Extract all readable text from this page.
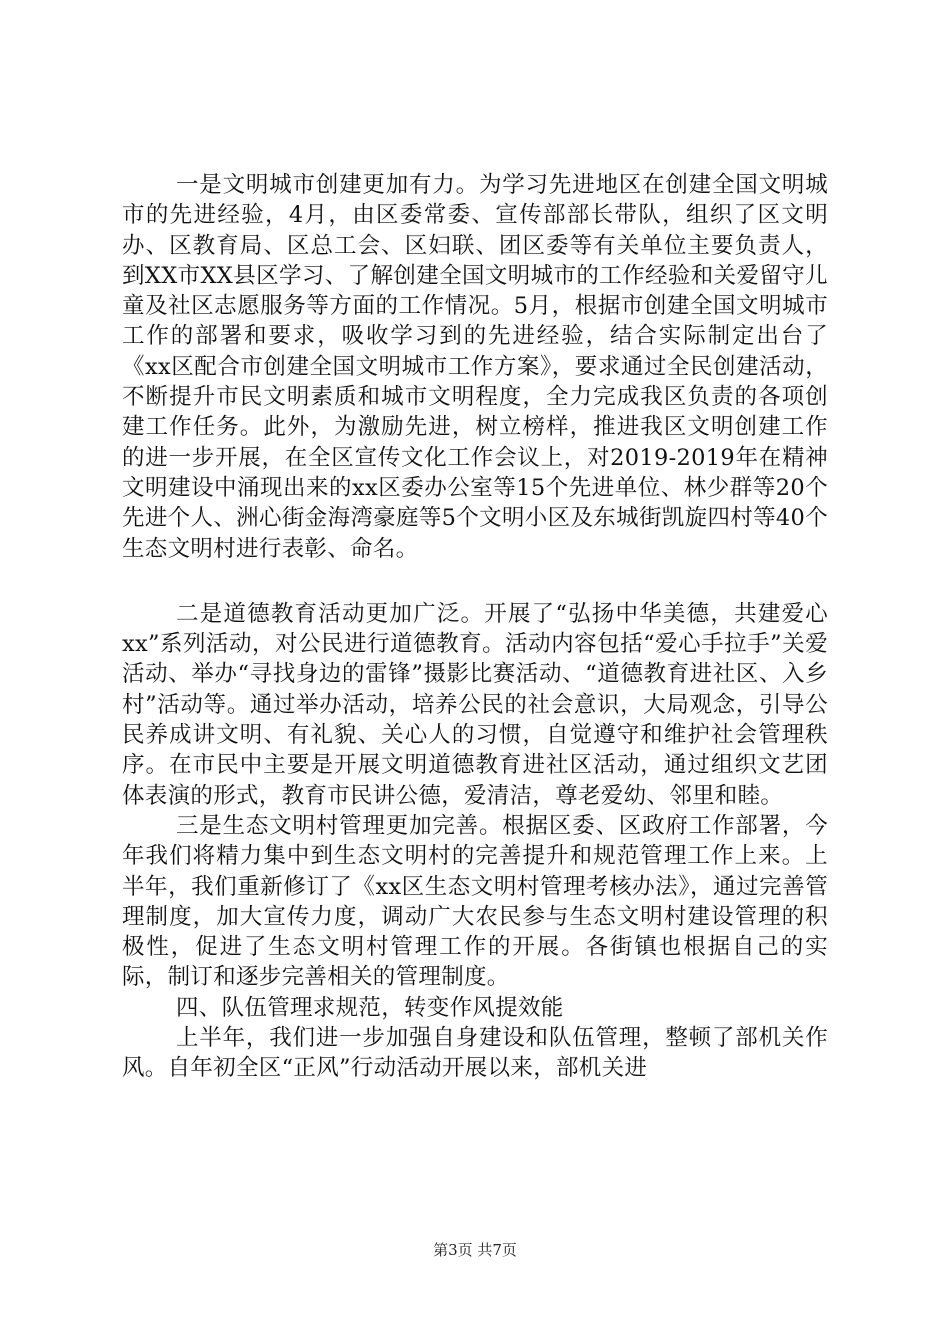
一是文明城市创建更加有力。为学习先进地区在创建全国文明城市的先进经验，4月，由区委常委、宣传部部长带队，组织了区文明办、区教育局、区总工会、区妇联、团区委等有关单位主要负责人，到XX市XX县区学习、了解创建全国文明城市的工作经验和关爱留守儿童及社区志愿服务等方面的工作情况。5月，根据市创建全国文明城市工作的部署和要求，吸收学习到的先进经验，结合实际制定出台了《xx区配合市创建全国文明城市工作方案》，要求通过全民创建活动，不断提升市民文明素质和城市文明程度，全力完成我区负责的各项创建工作任务。此外，为激励先进，树立榜样，推进我区文明创建工作的进一步开展，在全区宣传文化工作会议上，对2019-2019年在精神文明建设中涌现出来的xx区委办公室等15个先进单位、林少群等20个先进个人、洲心街金海湾豪庭等5个文明小区及东城街凯旋四村等40个生态文明村进行表彰、命名。

二是道德教育活动更加广泛。开展了“弘扬中华美德，共建爱心xx”系列活动，对公民进行道德教育。活动内容包括“爱心手拉手”关爱活动、举办“寻找身边的雷锋”摄影比赛活动、“道德教育进社区、入乡村”活动等。通过举办活动，培养公民的社会意识，大局观念，引导公民养成讲文明、有礼貌、关心人的习惯，自觉遵守和维护社会管理秩序。在市民中主要是开展文明道德教育进社区活动，通过组织文艺团体表演的形式，教育市民讲公德，爱清洁，尊老爱幼、邻里和睦。

三是生态文明村管理更加完善。根据区委、区政府工作部署，今年我们将精力集中到生态文明村的完善提升和规范管理工作上来。上半年，我们重新修订了《xx区生态文明村管理考核办法》，通过完善管理制度，加大宣传力度，调动广大农民参与生态文明村建设管理的积极性，促进了生态文明村管理工作的开展。各街镇也根据自己的实际，制订和逐步完善相关的管理制度。

四、队伍管理求规范，转变作风提效能

上半年，我们进一步加强自身建设和队伍管理，整顿了部机关作风。自年初全区“正风”行动活动开展以来，部机关进

第3页 共7页
